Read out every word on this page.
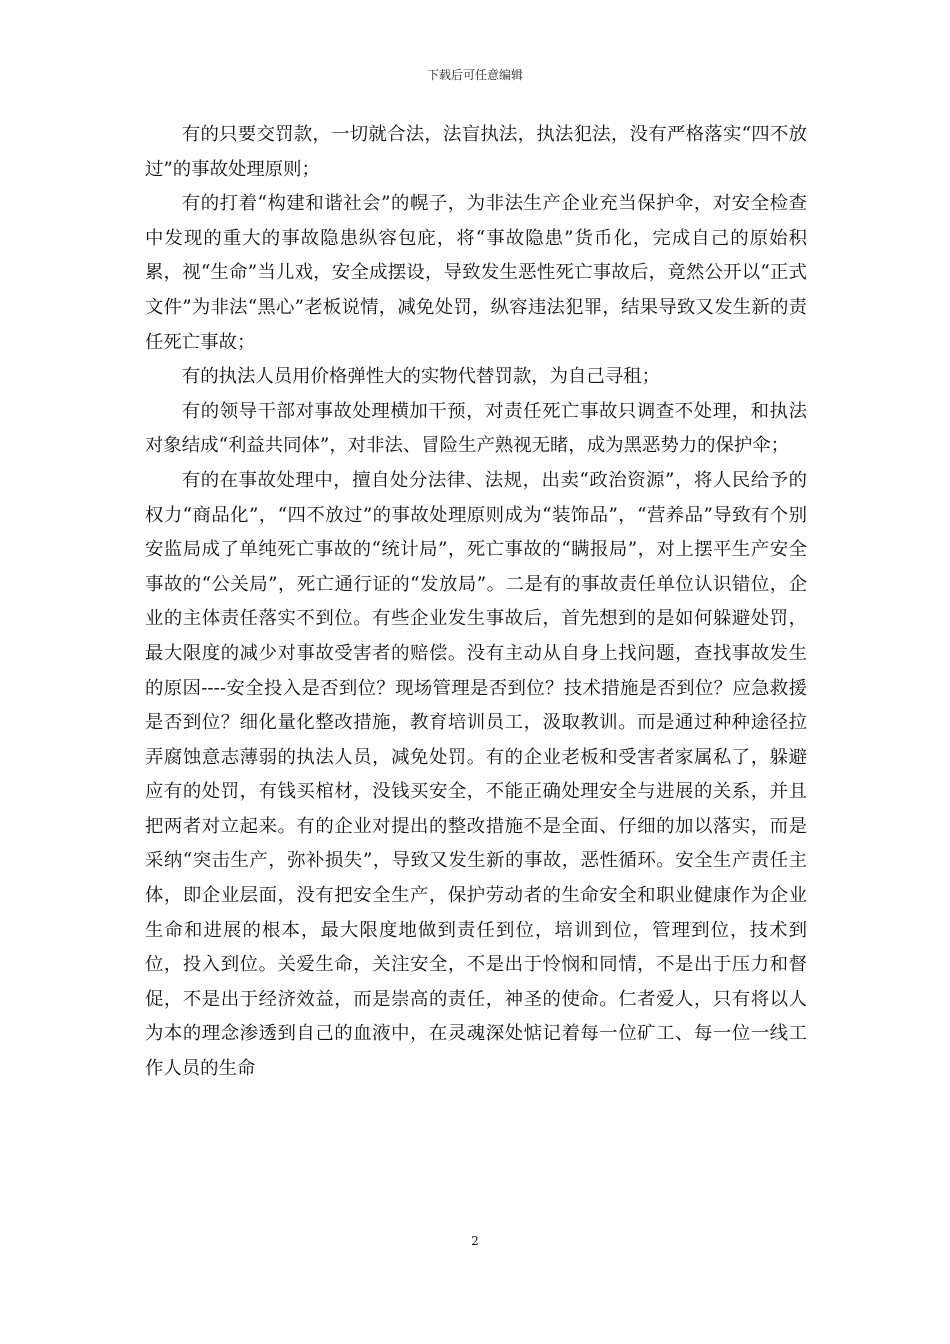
下载后可任意编辑

有的只要交罚款，一切就合法，法盲执法，执法犯法，没有严格落实“四不放过”的事故处理原则；

有的打着“构建和谐社会”的幌子，为非法生产企业充当保护伞，对安全检查中发现的重大的事故隐患纵容包庇，将“事故隐患”货币化，完成自己的原始积累，视“生命”当儿戏，安全成摆设，导致发生恶性死亡事故后，竟然公开以“正式文件”为非法“黑心”老板说情，减免处罚，纵容违法犯罪，结果导致又发生新的责任死亡事故；

有的执法人员用价格弹性大的实物代替罚款，为自己寻租；

有的领导干部对事故处理横加干预，对责任死亡事故只调查不处理，和执法对象结成“利益共同体”，对非法、冒险生产熟视无睹，成为黑恶势力的保护伞；

有的在事故处理中，擅自处分法律、法规，出卖“政治资源”，将人民给予的权力“商品化”，“四不放过”的事故处理原则成为“装饰品”，“营养品”导致有个别安监局成了单纯死亡事故的“统计局”，死亡事故的“瞒报局”，对上摆平生产安全事故的“公关局”，死亡通行证的“发放局”。二是有的事故责任单位认识错位，企业的主体责任落实不到位。有些企业发生事故后，首先想到的是如何躲避处罚，最大限度的减少对事故受害者的赔偿。没有主动从自身上找问题，查找事故发生的原因----安全投入是否到位？现场管理是否到位？技术措施是否到位？应急救援是否到位？细化量化整改措施，教育培训员工，汲取教训。而是通过种种途径拉弄腐蚀意志薄弱的执法人员，减免处罚。有的企业老板和受害者家属私了，躲避应有的处罚，有钱买棺材，没钱买安全，不能正确处理安全与进展的关系，并且把两者对立起来。有的企业对提出的整改措施不是全面、仔细的加以落实，而是采纳“突击生产，弥补损失”，导致又发生新的事故，恶性循环。安全生产责任主体，即企业层面，没有把安全生产，保护劳动者的生命安全和职业健康作为企业生命和进展的根本，最大限度地做到责任到位，培训到位，管理到位，技术到位，投入到位。关爱生命，关注安全，不是出于怜悯和同情，不是出于压力和督促，不是出于经济效益，而是崇高的责任，神圣的使命。仁者爱人，只有将以人为本的理念渗透到自己的血液中，在灵魂深处惦记着每一位矿工、每一位一线工作人员的生命

2
